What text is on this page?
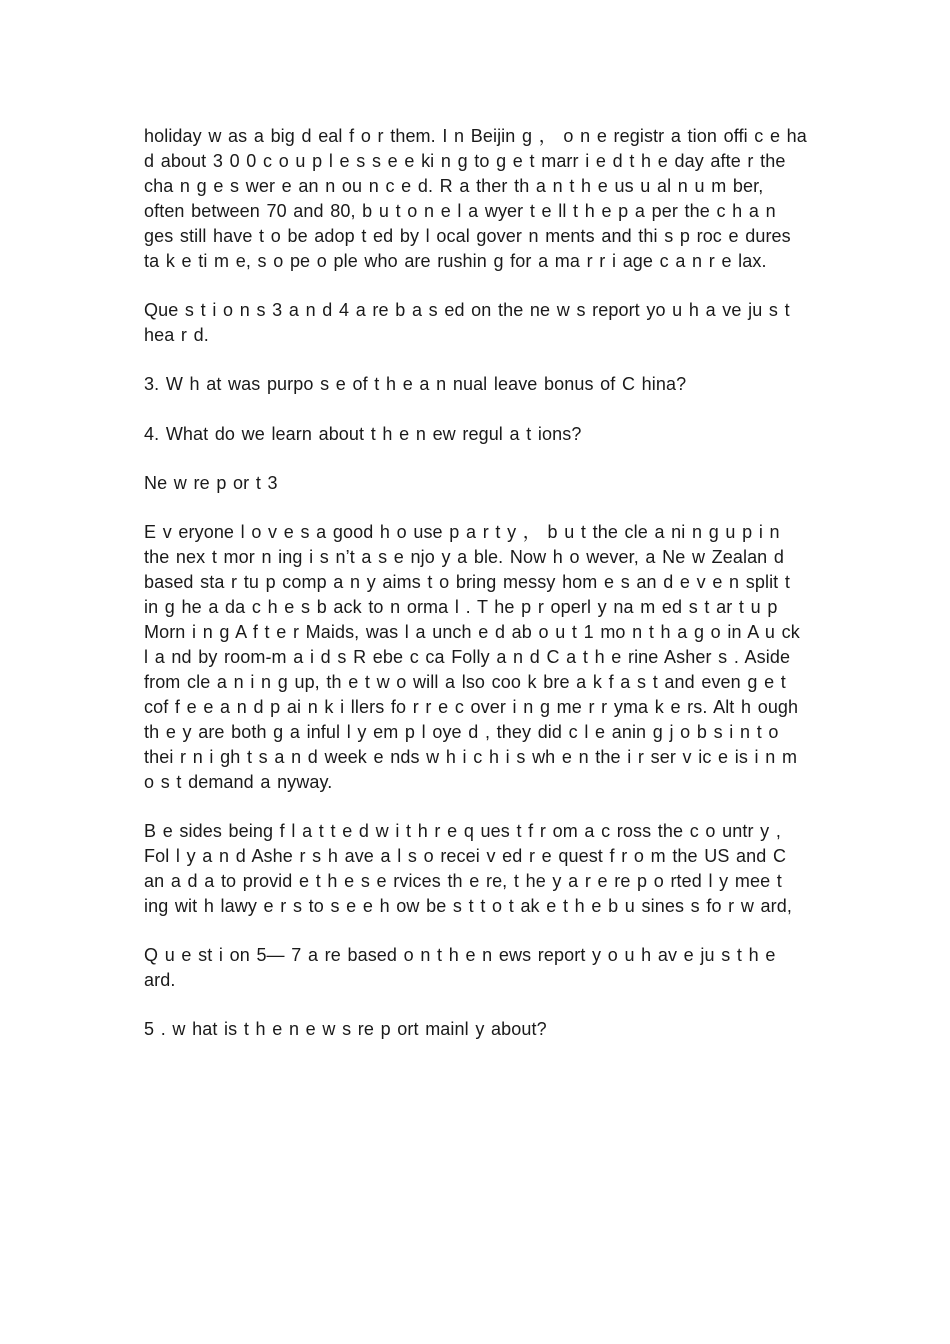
holiday w as a big d eal f o r them. I n Beijin g ， o n e registr a tion offi c e ha d about 3 0 0 c o u p l e s s e e ki n g to g e t marr i e d t h e day afte r the cha n g e s wer e an n ou n c e d. R a ther th a n t h e us u al n u m ber, often between 70 and 80, b u t o n e l a wyer t e ll t h e p a per the c h a n ges still have t o be adop t ed by l ocal gover n ments and thi s p roc e dures ta k e ti m e, s o pe o ple who are rushin g for a ma r r i age c a n r e lax.

Que s t i o n s 3 a n d 4 a re b a s ed on the ne w s report yo u h a ve ju s t hea r d.

3. W h at was purpo s e of t h e a n nual leave bonus of C hina?

4. What do we learn about t h e n ew regul a t ions?

Ne w re p or t 3

E v eryone l o v e s a good h o use p a r t y ， b u t the cle a ni n g u p i n the nex t mor n ing i s n’t a s e njo y a ble. Now h o wever, a Ne w Zealan d based sta r tu p comp a n y aims t o bring messy hom e s an d e v e n split t in g he a da c h e s b ack to n orma l . T he p r operl y na m ed s t ar t u p Morn i n g A f t e r Maids, was l a unch e d ab o u t 1 mo n t h a g o in A u ck l a nd by room-m a i d s R ebe c ca Folly a n d C a t h e rine Asher s . Aside from cle a n i n g up, th e t w o will a lso coo k bre a k f a s t and even g e t cof f e e a n d p ai n k i llers fo r r e c over i n g me r r yma k e rs. Alt h ough th e y are both g a inful l y em p l oye d , they did c l e anin g j o b s i n t o thei r n i gh t s a n d week e nds w h i c h i s wh e n the i r ser v ic e is i n m o s t demand a nyway.

B e sides being f l a t t e d w i t h r e q ues t f r om a c ross the c o untr y , Fol l y a n d Ashe r s h ave a l s o recei v ed r e quest f r o m the US and C an a d a to provid e t h e s e rvices th e re, t he y a r e re p o rted l y mee t ing wit h lawy e r s to s e e h ow be s t t o t ak e t h e b u sines s fo r w ard,

Q u e st i on 5— 7 a re based o n t h e n ews report y o u h av e ju s t h e ard.

5 . w hat is t h e n e w s re p ort mainl y about?
